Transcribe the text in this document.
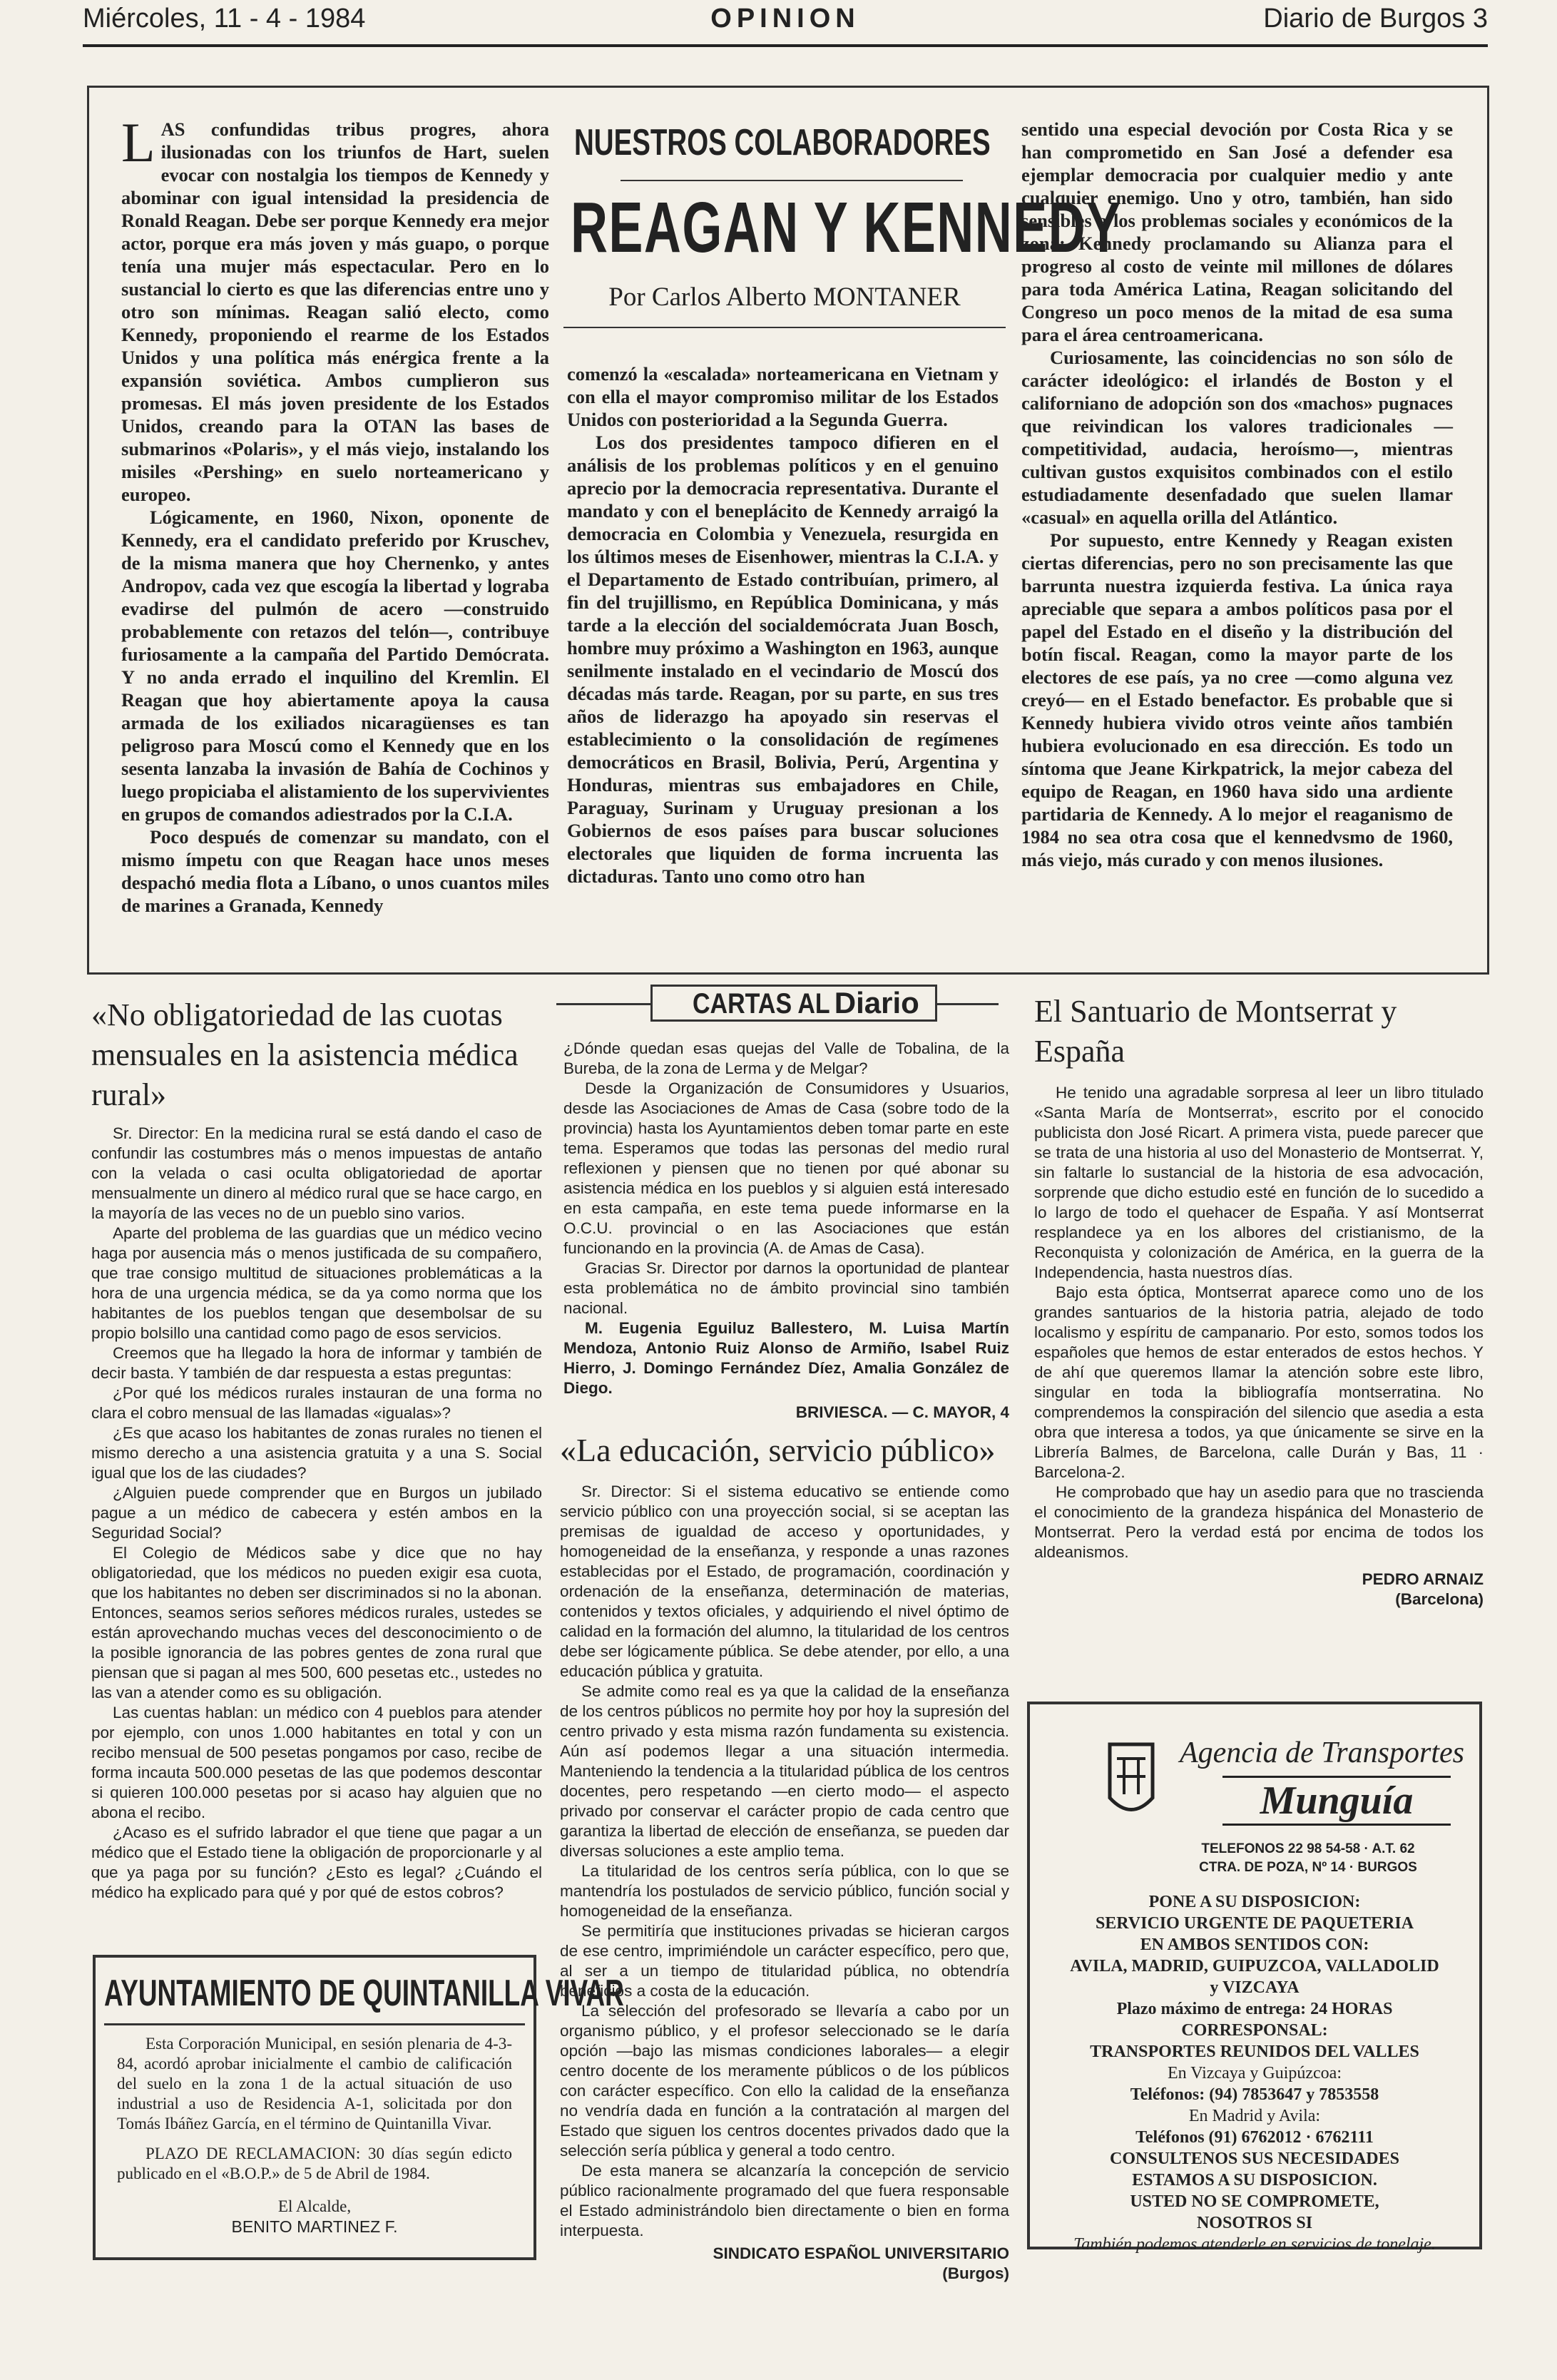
Miércoles, 11 - 4 - 1984	OPINION	Diario de Burgos 3

LAS confundidas tribus progres, ahora ilusionadas con los triunfos de Hart, suelen evocar con nostalgia los tiempos de Kennedy y abominar con igual intensidad la presidencia de Ronald Reagan. Debe ser porque Kennedy era mejor actor, porque era más joven y más guapo, o porque tenía una mujer más espectacular. Pero en lo sustancial lo cierto es que las diferencias entre uno y otro son mínimas. Reagan salió electo, como Kennedy, proponiendo el rearme de los Estados Unidos y una política más enérgica frente a la expansión soviética. Ambos cumplieron sus promesas. El más joven presidente de los Estados Unidos, creando para la OTAN las bases de submarinos «Polaris», y el más viejo, instalando los misiles «Pershing» en suelo norteamericano y europeo.

Lógicamente, en 1960, Nixon, oponente de Kennedy, era el candidato preferido por Kruschev, de la misma manera que hoy Chernenko, y antes Andropov, cada vez que escogía la libertad y lograba evadirse del pulmón de acero —construido probablemente con retazos del telón—, contribuye furiosamente a la campaña del Partido Demócrata. Y no anda errado el inquilino del Kremlin. El Reagan que hoy abiertamente apoya la causa armada de los exiliados nicaragüenses es tan peligroso para Moscú como el Kennedy que en los sesenta lanzaba la invasión de Bahía de Cochinos y luego propiciaba el alistamiento de los supervivientes en grupos de comandos adiestrados por la C.I.A.

Poco después de comenzar su mandato, con el mismo ímpetu con que Reagan hace unos meses despachó media flota a Líbano, o unos cuantos miles de marines a Granada, Kennedy

NUESTROS COLABORADORES
REAGAN Y KENNEDY
Por Carlos Alberto MONTANER

comenzó la «escalada» norteamericana en Vietnam y con ella el mayor compromiso militar de los Estados Unidos con posterioridad a la Segunda Guerra.

Los dos presidentes tampoco difieren en el análisis de los problemas políticos y en el genuino aprecio por la democracia representativa. Durante el mandato y con el beneplácito de Kennedy arraigó la democracia en Colombia y Venezuela, resurgida en los últimos meses de Eisenhower, mientras la C.I.A. y el Departamento de Estado contribuían, primero, al fin del trujillismo, en República Dominicana, y más tarde a la elección del socialdemócrata Juan Bosch, hombre muy próximo a Washington en 1963, aunque senilmente instalado en el vecindario de Moscú dos décadas más tarde. Reagan, por su parte, en sus tres años de liderazgo ha apoyado sin reservas el establecimiento o la consolidación de regímenes democráticos en Brasil, Bolivia, Perú, Argentina y Honduras, mientras sus embajadores en Chile, Paraguay, Surinam y Uruguay presionan a los Gobiernos de esos países para buscar soluciones electorales que liquiden de forma incruenta las dictaduras. Tanto uno como otro han

sentido una especial devoción por Costa Rica y se han comprometido en San José a defender esa ejemplar democracia por cualquier medio y ante cualquier enemigo. Uno y otro, también, han sido sensibles a los problemas sociales y económicos de la zona: Kennedy proclamando su Alianza para el progreso al costo de veinte mil millones de dólares para toda América Latina, Reagan solicitando del Congreso un poco menos de la mitad de esa suma para el área centroamericana.

Curiosamente, las coincidencias no son sólo de carácter ideológico: el irlandés de Boston y el californiano de adopción son dos «machos» pugnaces que reivindican los valores tradicionales —competitividad, audacia, heroísmo—, mientras cultivan gustos exquisitos combinados con el estilo estudiadamente desenfadado que suelen llamar «casual» en aquella orilla del Atlántico.

Por supuesto, entre Kennedy y Reagan existen ciertas diferencias, pero no son precisamente las que barrunta nuestra izquierda festiva. La única raya apreciable que separa a ambos políticos pasa por el papel del Estado en el diseño y la distribución del botín fiscal. Reagan, como la mayor parte de los electores de ese país, ya no cree —como alguna vez creyó— en el Estado benefactor. Es probable que si Kennedy hubiera vivido otros veinte años también hubiera evolucionado en esa dirección. Es todo un síntoma que Jeane Kirkpatrick, la mejor cabeza del equipo de Reagan, en 1960 hava sido una ardiente partidaria de Kennedy. A lo mejor el reaganismo de 1984 no sea otra cosa que el kennedvsmo de 1960, más viejo, más curado y con menos ilusiones.

«No obligatoriedad de las cuotas mensuales en la asistencia médica rural»

Sr. Director: En la medicina rural se está dando el caso de confundir las costumbres más o menos impuestas de antaño con la velada o casi oculta obligatoriedad de aportar mensualmente un dinero al médico rural que se hace cargo, en la mayoría de las veces no de un pueblo sino varios.

Aparte del problema de las guardias que un médico vecino haga por ausencia más o menos justificada de su compañero, que trae consigo multitud de situaciones problemáticas a la hora de una urgencia médica, se da ya como norma que los habitantes de los pueblos tengan que desembolsar de su propio bolsillo una cantidad como pago de esos servicios.

Creemos que ha llegado la hora de informar y también de decir basta. Y también de dar respuesta a estas preguntas:

¿Por qué los médicos rurales instauran de una forma no clara el cobro mensual de las llamadas «igualas»?

¿Es que acaso los habitantes de zonas rurales no tienen el mismo derecho a una asistencia gratuita y a una S. Social igual que los de las ciudades?

¿Alguien puede comprender que en Burgos un jubilado pague a un médico de cabecera y estén ambos en la Seguridad Social?

El Colegio de Médicos sabe y dice que no hay obligatoriedad, que los médicos no pueden exigir esa cuota, que los habitantes no deben ser discriminados si no la abonan. Entonces, seamos serios señores médicos rurales, ustedes se están aprovechando muchas veces del desconocimiento o de la posible ignorancia de las pobres gentes de zona rural que piensan que si pagan al mes 500, 600 pesetas etc., ustedes no las van a atender como es su obligación.

Las cuentas hablan: un médico con 4 pueblos para atender por ejemplo, con unos 1.000 habitantes en total y con un recibo mensual de 500 pesetas pongamos por caso, recibe de forma incauta 500.000 pesetas de las que podemos descontar si quieren 100.000 pesetas por si acaso hay alguien que no abona el recibo.

¿Acaso es el sufrido labrador el que tiene que pagar a un médico que el Estado tiene la obligación de proporcionarle y al que ya paga por su función? ¿Esto es legal? ¿Cuándo el médico ha explicado para qué y por qué de estos cobros?

AYUNTAMIENTO DE QUINTANILLA VIVAR

Esta Corporación Municipal, en sesión plenaria de 4-3-84, acordó aprobar inicialmente el cambio de calificación del suelo en la zona 1 de la actual situación de uso industrial a uso de Residencia A-1, solicitada por don Tomás Ibáñez García, en el término de Quintanilla Vivar.

PLAZO DE RECLAMACION: 30 días según edicto publicado en el «B.O.P.» de 5 de Abril de 1984.

El Alcalde,
BENITO MARTINEZ F.
CARTAS AL Diario

¿Dónde quedan esas quejas del Valle de Tobalina, de la Bureba, de la zona de Lerma y de Melgar?

Desde la Organización de Consumidores y Usuarios, desde las Asociaciones de Amas de Casa (sobre todo de la provincia) hasta los Ayuntamientos deben tomar parte en este tema. Esperamos que todas las personas del medio rural reflexionen y piensen que no tienen por qué abonar su asistencia médica en los pueblos y si alguien está interesado en esta campaña, en este tema puede informarse en la O.C.U. provincial o en las Asociaciones que están funcionando en la provincia (A. de Amas de Casa).

Gracias Sr. Director por darnos la oportunidad de plantear esta problemática no de ámbito provincial sino también nacional.

M. Eugenia Eguiluz Ballestero, M. Luisa Martín Mendoza, Antonio Ruiz Alonso de Armiño, Isabel Ruiz Hierro, J. Domingo Fernández Díez, Amalia González de Diego.

BRIVIESCA. — C. MAYOR, 4
«La educación, servicio público»

Sr. Director: Si el sistema educativo se entiende como servicio público con una proyección social, si se aceptan las premisas de igualdad de acceso y oportunidades, y homogeneidad de la enseñanza, y responde a unas razones establecidas por el Estado, de programación, coordinación y ordenación de la enseñanza, determinación de materias, contenidos y textos oficiales, y adquiriendo el nivel óptimo de calidad en la formación del alumno, la titularidad de los centros debe ser lógicamente pública. Se debe atender, por ello, a una educación pública y gratuita.

Se admite como real es ya que la calidad de la enseñanza de los centros públicos no permite hoy por hoy la supresión del centro privado y esta misma razón fundamenta su existencia. Aún así podemos llegar a una situación intermedia. Manteniendo la tendencia a la titularidad pública de los centros docentes, pero respetando —en cierto modo— el aspecto privado por conservar el carácter propio de cada centro que garantiza la libertad de elección de enseñanza, se pueden dar diversas soluciones a este amplio tema.

La titularidad de los centros sería pública, con lo que se mantendría los postulados de servicio público, función social y homogeneidad de la enseñanza.

Se permitiría que instituciones privadas se hicieran cargos de ese centro, imprimiéndole un carácter específico, pero que, al ser a un tiempo de titularidad pública, no obtendría beneficios a costa de la educación.

La selección del profesorado se llevaría a cabo por un organismo público, y el profesor seleccionado se le daría opción —bajo las mismas condiciones laborales— a elegir centro docente de los meramente públicos o de los públicos con carácter específico. Con ello la calidad de la enseñanza no vendría dada en función a la contratación al margen del Estado que siguen los centros docentes privados dado que la selección sería pública y general a todo centro.

De esta manera se alcanzaría la concepción de servicio público racionalmente programado del que fuera responsable el Estado administrándolo bien directamente o bien en forma interpuesta.

SINDICATO ESPAÑOL UNIVERSITARIO
(Burgos)
El Santuario de Montserrat y España

He tenido una agradable sorpresa al leer un libro titulado «Santa María de Montserrat», escrito por el conocido publicista don José Ricart. A primera vista, puede parecer que se trata de una historia al uso del Monasterio de Montserrat. Y, sin faltarle lo sustancial de la historia de esa advocación, sorprende que dicho estudio esté en función de lo sucedido a lo largo de todo el quehacer de España. Y así Montserrat resplandece ya en los albores del cristianismo, de la Reconquista y colonización de América, en la guerra de la Independencia, hasta nuestros días.

Bajo esta óptica, Montserrat aparece como uno de los grandes santuarios de la historia patria, alejado de todo localismo y espíritu de campanario. Por esto, somos todos los españoles que hemos de estar enterados de estos hechos. Y de ahí que queremos llamar la atención sobre este libro, singular en toda la bibliografía montserratina. No comprendemos la conspiración del silencio que asedia a esta obra que interesa a todos, ya que únicamente se sirve en la Librería Balmes, de Barcelona, calle Durán y Bas, 11 · Barcelona-2.

He comprobado que hay un asedio para que no trascienda el conocimiento de la grandeza hispánica del Monasterio de Montserrat. Pero la verdad está por encima de todos los aldeanismos.

PEDRO ARNAIZ
(Barcelona)
Agencia de Transportes
Munguía
TELEFONOS 22 98 54-58 · A.T. 62
CTRA. DE POZA, Nº 14 · BURGOS
PONE A SU DISPOSICION:
SERVICIO URGENTE DE PAQUETERIA
EN AMBOS SENTIDOS CON:
AVILA, MADRID, GUIPUZCOA, VALLADOLID
y VIZCAYA
Plazo máximo de entrega: 24 HORAS
CORRESPONSAL:
TRANSPORTES REUNIDOS DEL VALLES
En Vizcaya y Guipúzcoa:
Teléfonos: (94) 7853647 y 7853558
En Madrid y Avila:
Teléfonos (91) 6762012 · 6762111
CONSULTENOS SUS NECESIDADES
ESTAMOS A SU DISPOSICION.
USTED NO SE COMPROMETE,
NOSOTROS SI
También podemos atenderle en servicios de tonelaje.
